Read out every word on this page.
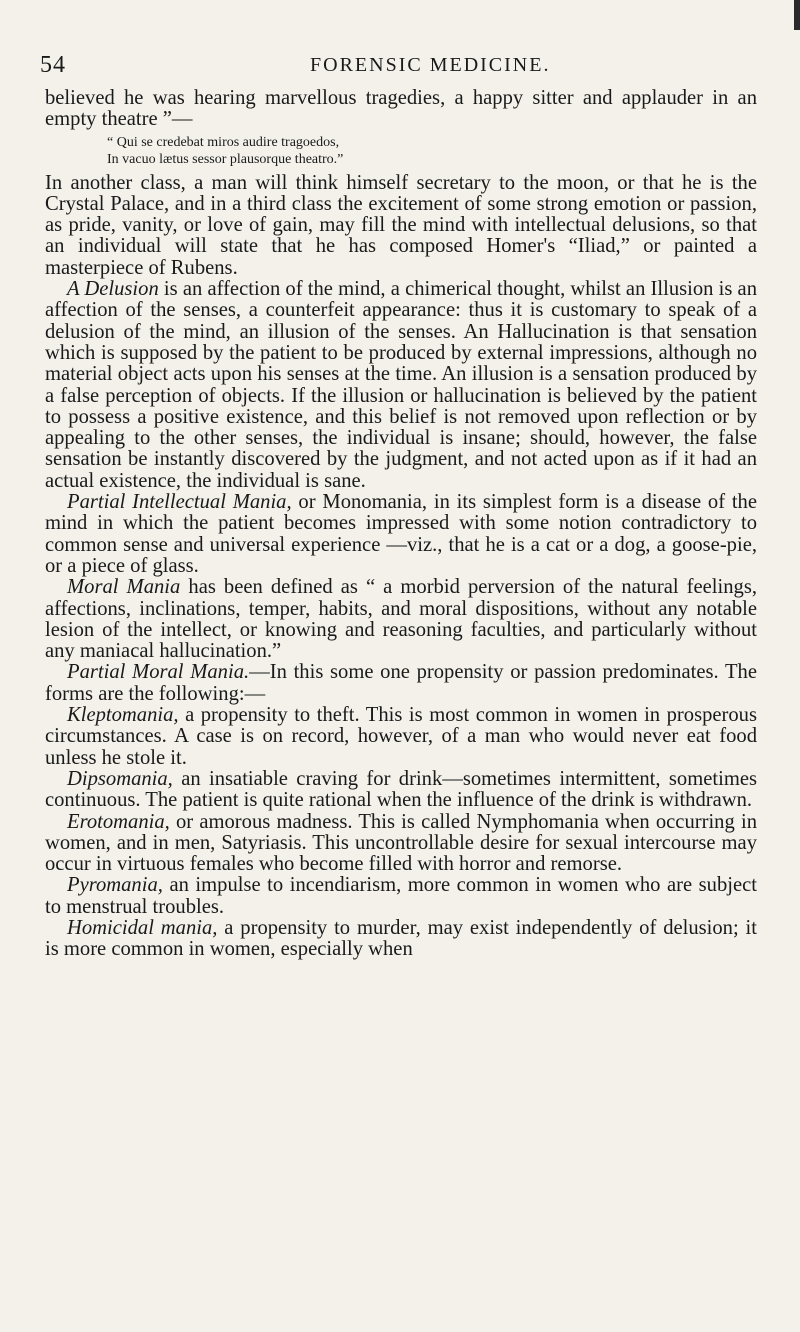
54	FORENSIC MEDICINE.

believed he was hearing marvellous tragedies, a happy sitter and applauder in an empty theatre ”—

“ Qui se credebat miros audire tragoedos,
In vacuo lætus sessor plausorque theatro.”

In another class, a man will think himself secretary to the moon, or that he is the Crystal Palace, and in a third class the excitement of some strong emotion or passion, as pride, vanity, or love of gain, may fill the mind with intellectual delusions, so that an individual will state that he has composed Homer's “Iliad,” or painted a masterpiece of Rubens.

A Delusion is an affection of the mind, a chimerical thought, whilst an Illusion is an affection of the senses, a counterfeit appearance: thus it is customary to speak of a delusion of the mind, an illusion of the senses. An Hallucination is that sensation which is supposed by the patient to be produced by external impressions, although no material object acts upon his senses at the time. An illusion is a sensation produced by a false perception of objects. If the illusion or hallucination is believed by the patient to possess a positive existence, and this belief is not removed upon reflection or by appealing to the other senses, the individual is insane; should, however, the false sensation be instantly discovered by the judgment, and not acted upon as if it had an actual existence, the individual is sane.

Partial Intellectual Mania, or Monomania, in its simplest form is a disease of the mind in which the patient becomes impressed with some notion contradictory to common sense and universal experience —viz., that he is a cat or a dog, a goose-pie, or a piece of glass.

Moral Mania has been defined as “ a morbid perversion of the natural feelings, affections, inclinations, temper, habits, and moral dispositions, without any notable lesion of the intellect, or knowing and reasoning faculties, and particularly without any maniacal hallucination.”

Partial Moral Mania.—In this some one propensity or passion predominates. The forms are the following:—

Kleptomania, a propensity to theft. This is most common in women in prosperous circumstances. A case is on record, however, of a man who would never eat food unless he stole it.

Dipsomania, an insatiable craving for drink—sometimes intermittent, sometimes continuous. The patient is quite rational when the influence of the drink is withdrawn.

Erotomania, or amorous madness. This is called Nymphomania when occurring in women, and in men, Satyriasis. This uncontrollable desire for sexual intercourse may occur in virtuous females who become filled with horror and remorse.

Pyromania, an impulse to incendiarism, more common in women who are subject to menstrual troubles.

Homicidal mania, a propensity to murder, may exist independently of delusion; it is more common in women, especially when
